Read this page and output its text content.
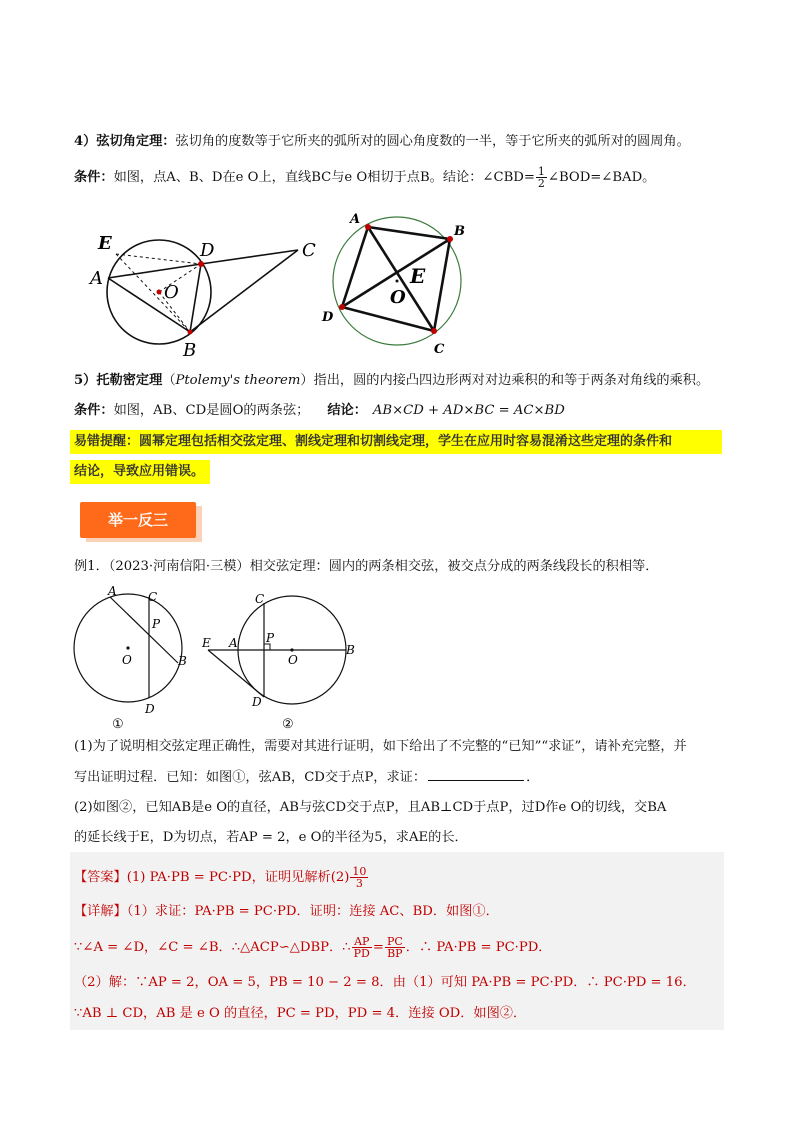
4）弦切角定理：弦切角的度数等于它所夹的弧所对的圆心角度数的一半，等于它所夹的弧所对的圆周角。
条件：如图，点A、B、D在e O上，直线BC与e O相切于点B。结论：∠CBD= $\frac{1}{2}$ ∠BOD=∠BAD。
E
A
D	C
O
B
A
B
E
O
D
C
5）托勒密定理（Ptolemy's theorem）指出，圆的内接凸四边形两对对边乘积的和等于两条对角线的乘积。
条件：如图，AB、CD是圆O的两条弦； 结论： AB×CD + AD×BC = AC×BD
易错提醒：圆幂定理包括相交弦定理、割线定理和切割线定理，学生在应用时容易混淆这些定理的条件和
结论，导致应用错误。
举一反三
例1．（2023·河南信阳·三模）相交弦定理：圆内的两条相交弦，被交点分成的两条线段长的积相等．
A	C
P
O	B
D
①
C
E A P
O
B
D
②
(1)为了说明相交弦定理正确性，需要对其进行证明，如下给出了不完整的“已知”“求证”，请补充完整，并
写出证明过程．已知：如图①，弦AB，CD交于点P，求证：	．
(2)如图②，已知AB是e O的直径，AB与弦CD交于点P，且AB⊥CD于点P，过D作e O的切线，交BA
的延长线于E，D为切点，若AP = 2，e O的半径为5，求AE的长．
【答案】(1) PA·PB = PC·PD，证明见解析$(2) \frac{10}{3}$
【详解】（1）求证：PA·PB = PC·PD．证明：连接 AC、BD．如图①．
∵∠A = ∠D，∠C = ∠B．∴△ACP∽△DBP．∴ $\frac{AP}{PD} = \frac{PC}{BP}$ ．∴ PA·PB = PC·PD．
（2）解：∵AP = 2，OA = 5，PB = 10 − 2 = 8．由（1）可知 PA·PB = PC·PD．∴ PC·PD = 16．
∵AB ⊥ CD，AB 是 e O 的直径，PC = PD，PD = 4．连接 OD．如图②．
